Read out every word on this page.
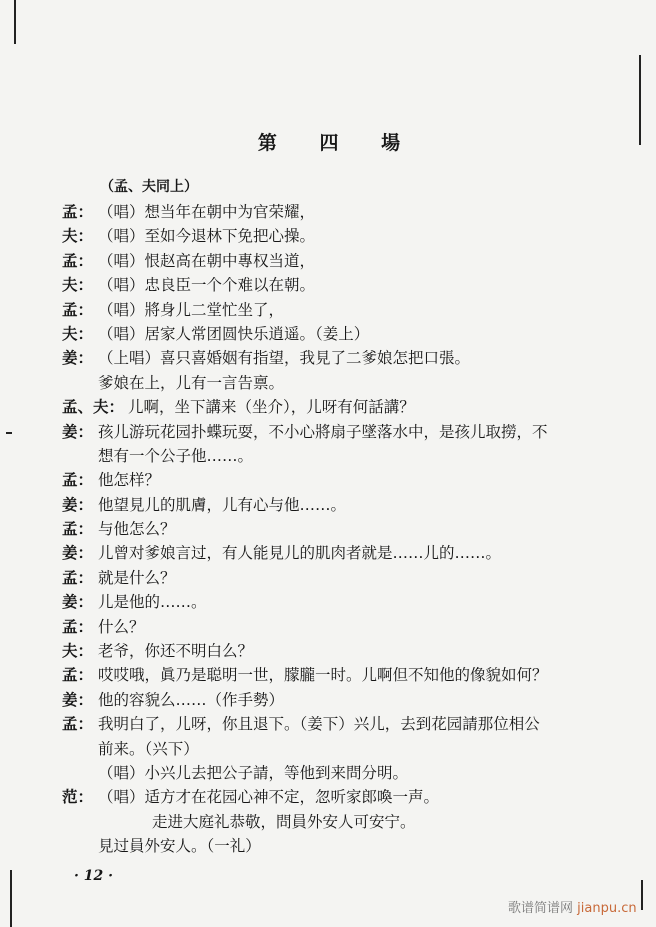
第 四 場
（孟、夫同上）
孟： （唱）想当年在朝中为官荣耀，
夫： （唱）至如今退林下免把心操。
孟： （唱）恨赵高在朝中專权当道，
夫： （唱）忠良臣一个个难以在朝。
孟： （唱）將身儿二堂忙坐了，
夫： （唱）居家人常团圆快乐逍遥。（姜上）
姜： （上唱）喜只喜婚姻有指望，我見了二爹娘怎把口張。
爹娘在上，儿有一言告禀。
孟、夫： 儿啊，坐下講来（坐介），儿呀有何話講？
姜： 孩儿游玩花园扑蝶玩耍，不小心將扇子墜落水中，是孩儿取撈，不
想有一个公子他……。
孟： 他怎样？
姜： 他望見儿的肌膚，儿有心与他……。
孟： 与他怎么？
姜： 儿曾对爹娘言过，有人能見儿的肌肉者就是……儿的……。
孟： 就是什么？
姜： 儿是他的……。
孟： 什么？
夫： 老爷，你还不明白么？
孟： 哎哎哦，眞乃是聪明一世，朦朧一时。儿啊但不知他的像貌如何？
姜： 他的容貌么……（作手勢）
孟： 我明白了，儿呀，你且退下。（姜下）兴儿，去到花园請那位相公
前来。（兴下）
（唱）小兴儿去把公子請，等他到来問分明。
范： （唱）适方才在花园心神不定，忽听家郎喚一声。
走进大庭礼恭敬，問員外安人可安宁。
見过員外安人。（一礼）
· 12 ·
歌谱简谱网 jianpu.cn
